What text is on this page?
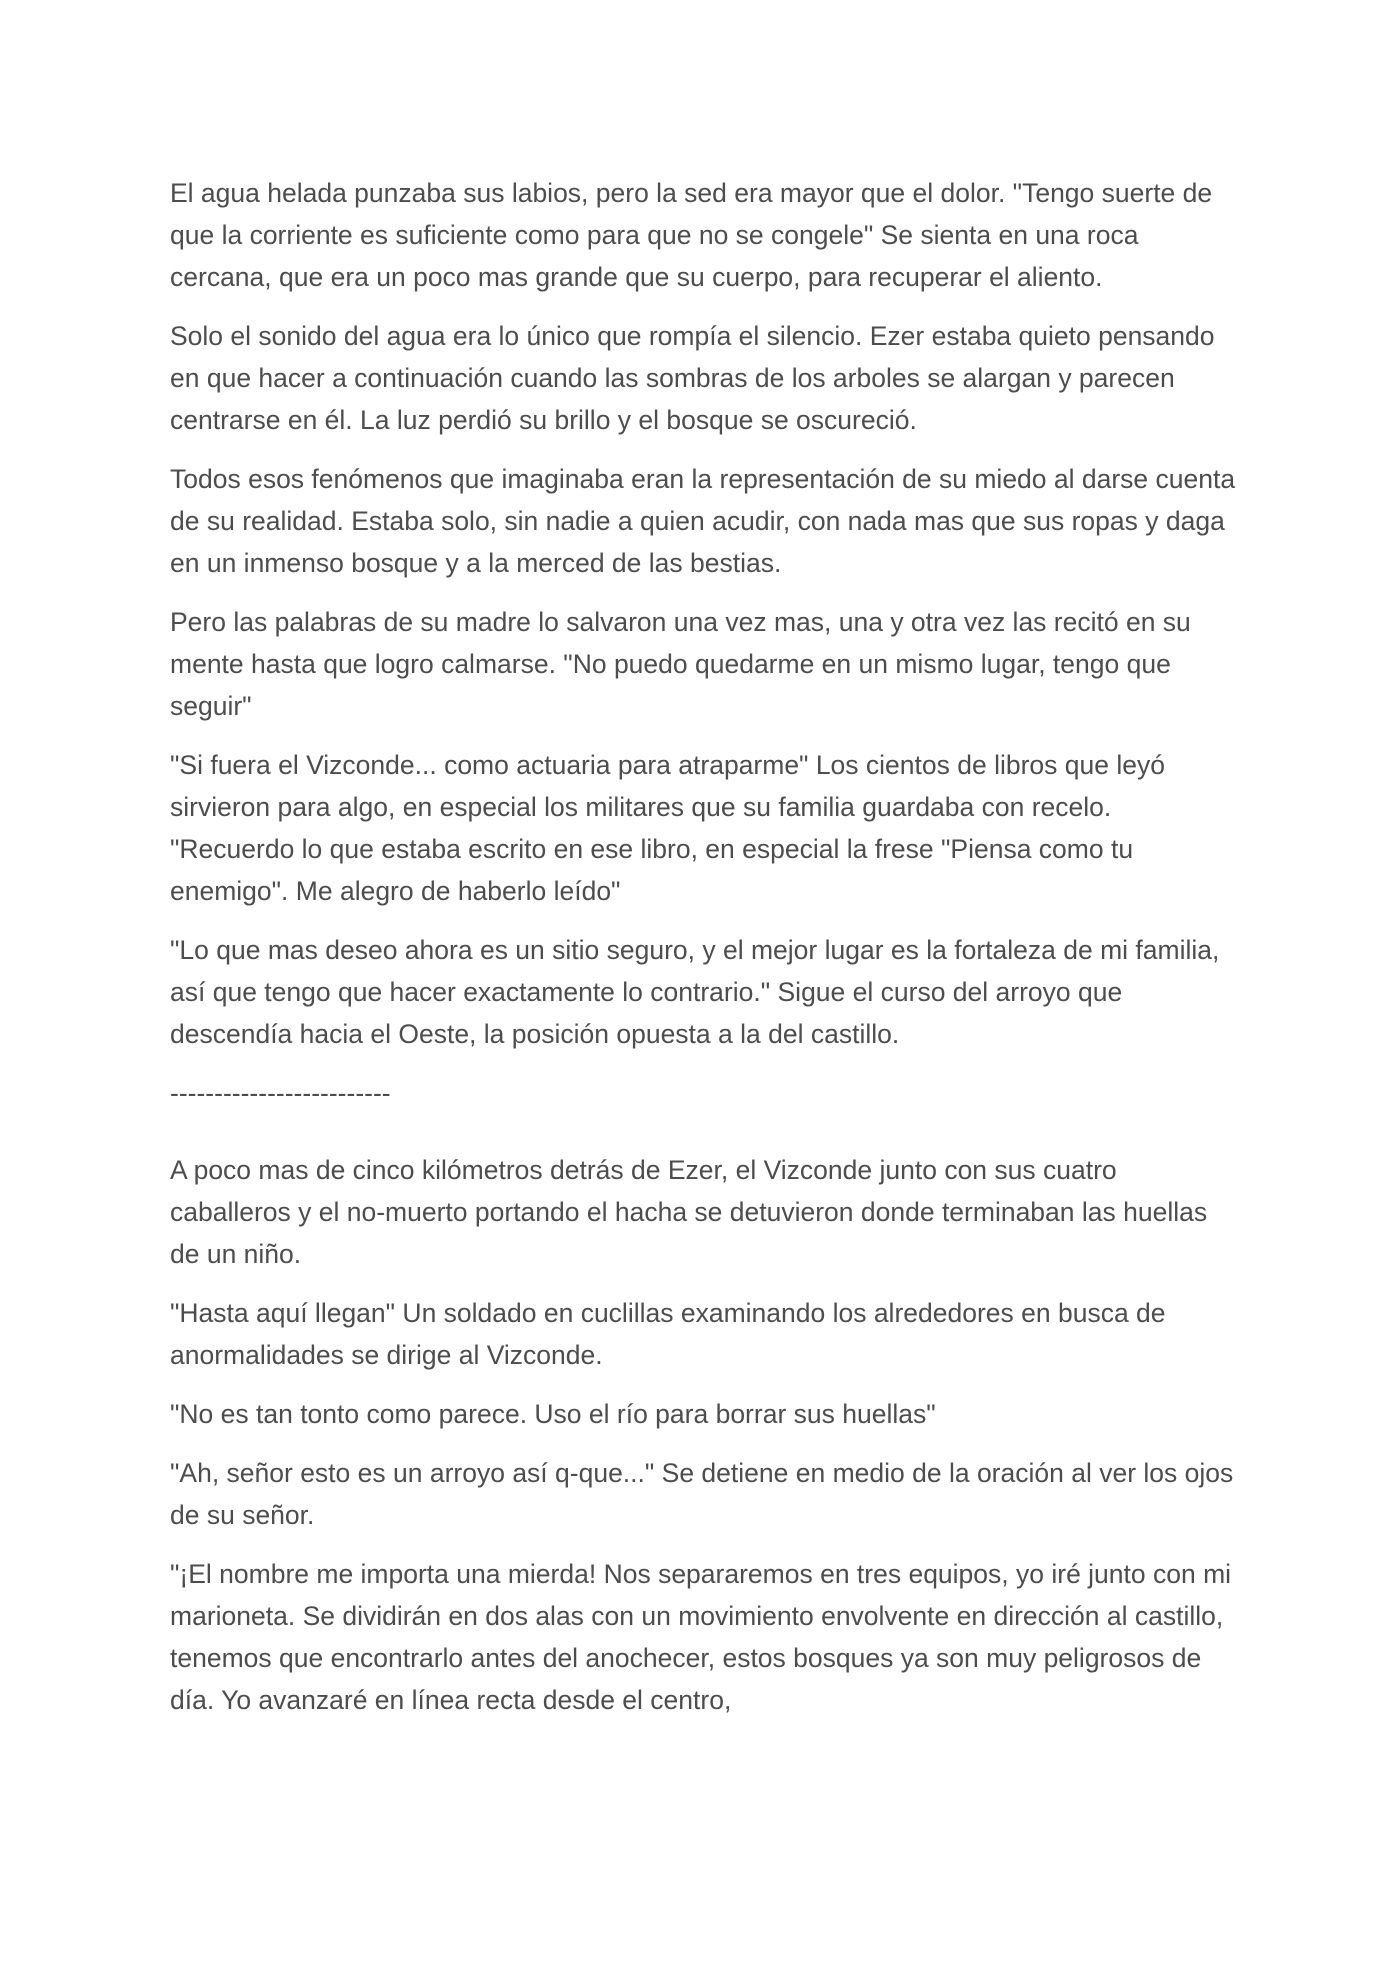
El agua helada punzaba sus labios, pero la sed era mayor que el dolor. "Tengo suerte de que la corriente es suficiente como para que no se congele" Se sienta en una roca cercana, que era un poco mas grande que su cuerpo, para recuperar el aliento.

Solo el sonido del agua era lo único que rompía el silencio. Ezer estaba quieto pensando en que hacer a continuación cuando las sombras de los arboles se alargan y parecen centrarse en él. La luz perdió su brillo y el bosque se oscureció.

Todos esos fenómenos que imaginaba eran la representación de su miedo al darse cuenta de su realidad. Estaba solo, sin nadie a quien acudir, con nada mas que sus ropas y daga en un inmenso bosque y a la merced de las bestias.

Pero las palabras de su madre lo salvaron una vez mas, una y otra vez las recitó en su mente hasta que logro calmarse. "No puedo quedarme en un mismo lugar, tengo que seguir"

"Si fuera el Vizconde... como actuaria para atraparme" Los cientos de libros que leyó sirvieron para algo, en especial los militares que su familia guardaba con recelo. "Recuerdo lo que estaba escrito en ese libro, en especial la frese "Piensa como tu enemigo". Me alegro de haberlo leído"

"Lo que mas deseo ahora es un sitio seguro, y el mejor lugar es la fortaleza de mi familia, así que tengo que hacer exactamente lo contrario." Sigue el curso del arroyo que descendía hacia el Oeste, la posición opuesta a la del castillo.

-------------------------

A poco mas de cinco kilómetros detrás de Ezer, el Vizconde junto con sus cuatro caballeros y el no-muerto portando el hacha se detuvieron donde terminaban las huellas de un niño.

"Hasta aquí llegan" Un soldado en cuclillas examinando los alrededores en busca de anormalidades se dirige al Vizconde.

"No es tan tonto como parece. Uso el río para borrar sus huellas"

"Ah, señor esto es un arroyo así q-que..." Se detiene en medio de la oración al ver los ojos de su señor.

"¡El nombre me importa una mierda! Nos separaremos en tres equipos, yo iré junto con mi marioneta. Se dividirán en dos alas con un movimiento envolvente en dirección al castillo, tenemos que encontrarlo antes del anochecer, estos bosques ya son muy peligrosos de día. Yo avanzaré en línea recta desde el centro,
